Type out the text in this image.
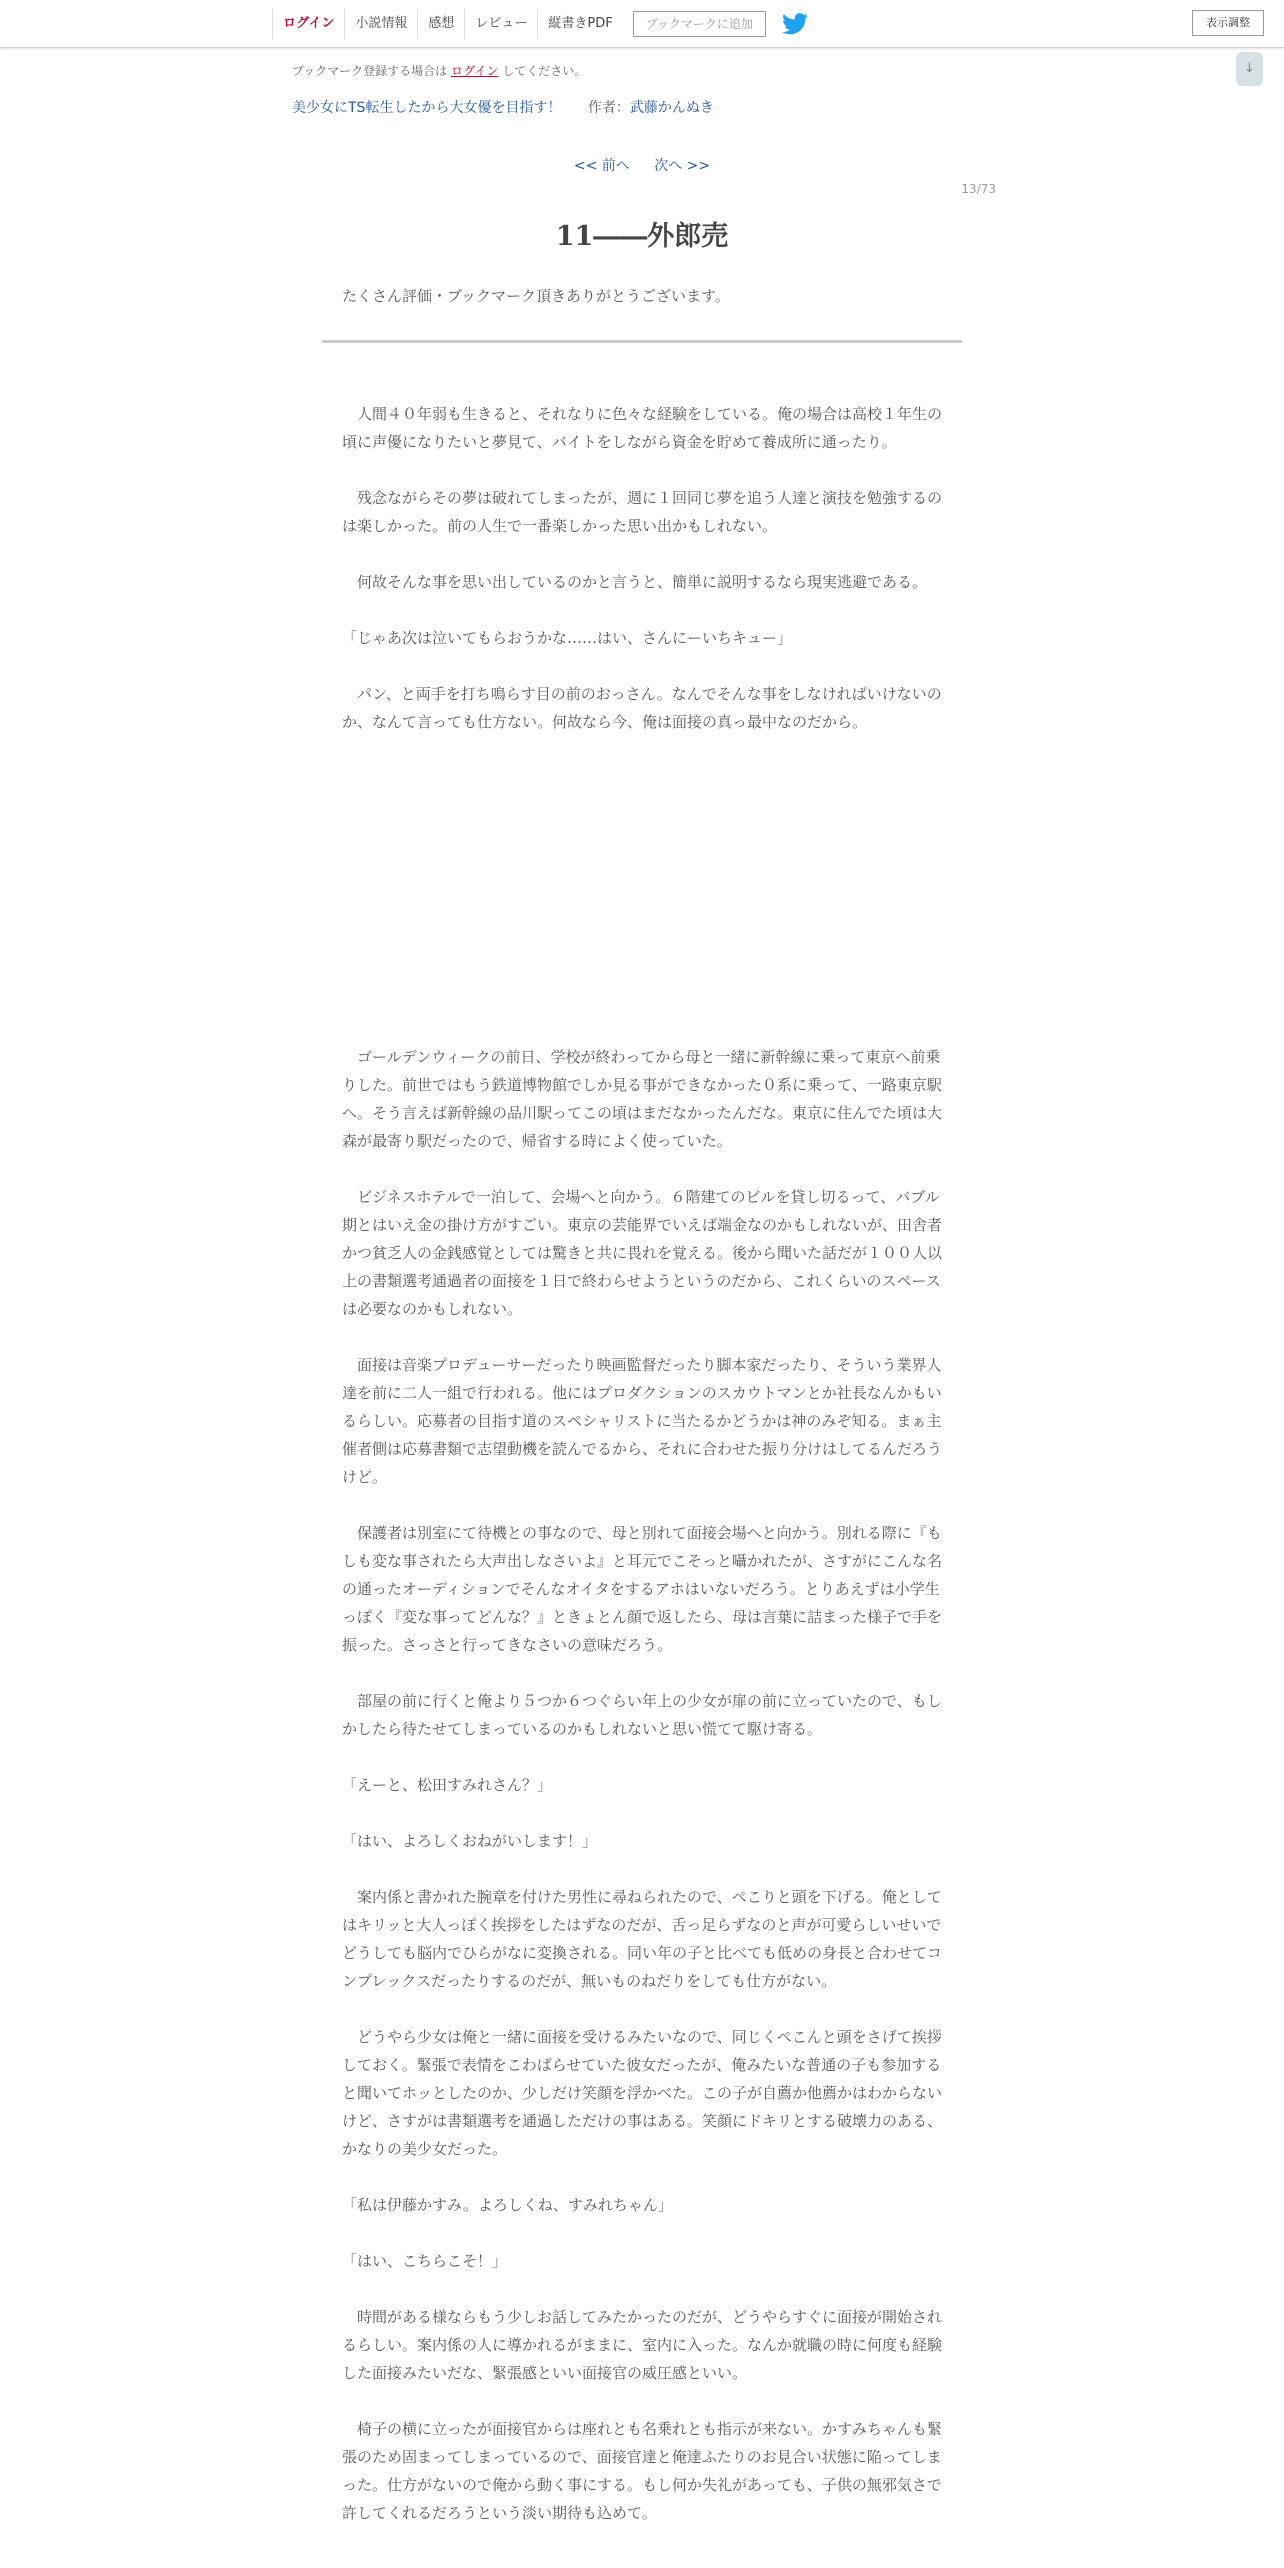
ログイン	小説情報	感想	レビュー	縦書きPDF	ブックマークに追加	表示調整
ブックマーク登録する場合は ログイン してください。	↓
美少女にTS転生したから大女優を目指す！ 作者：武藤かんぬき
<< 前へ 次へ >>
13/73
11――外郎売
たくさん評価・ブックマーク頂きありがとうございます。

　人間４０年弱も生きると、それなりに色々な経験をしている。俺の場合は高校１年生の頃に声優になりたいと夢見て、バイトをしながら資金を貯めて養成所に通ったり。

　残念ながらその夢は破れてしまったが、週に１回同じ夢を追う人達と演技を勉強するのは楽しかった。前の人生で一番楽しかった思い出かもしれない。

　何故そんな事を思い出しているのかと言うと、簡単に説明するなら現実逃避である。

「じゃあ次は泣いてもらおうかな……はい、さんにーいちキュー」

　パン、と両手を打ち鳴らす目の前のおっさん。なんでそんな事をしなければいけないのか、なんて言っても仕方ない。何故なら今、俺は面接の真っ最中なのだから。

　ゴールデンウィークの前日、学校が終わってから母と一緒に新幹線に乗って東京へ前乗りした。前世ではもう鉄道博物館でしか見る事ができなかった０系に乗って、一路東京駅へ。そう言えば新幹線の品川駅ってこの頃はまだなかったんだな。東京に住んでた頃は大森が最寄り駅だったので、帰省する時によく使っていた。

　ビジネスホテルで一泊して、会場へと向かう。６階建てのビルを貸し切るって、バブル期とはいえ金の掛け方がすごい。東京の芸能界でいえば端金なのかもしれないが、田舎者かつ貧乏人の金銭感覚としては驚きと共に畏れを覚える。後から聞いた話だが１００人以上の書類選考通過者の面接を１日で終わらせようというのだから、これくらいのスペースは必要なのかもしれない。

　面接は音楽プロデューサーだったり映画監督だったり脚本家だったり、そういう業界人達を前に二人一組で行われる。他にはプロダクションのスカウトマンとか社長なんかもいるらしい。応募者の目指す道のスペシャリストに当たるかどうかは神のみぞ知る。まぁ主催者側は応募書類で志望動機を読んでるから、それに合わせた振り分けはしてるんだろうけど。

　保護者は別室にて待機との事なので、母と別れて面接会場へと向かう。別れる際に『もしも変な事されたら大声出しなさいよ』と耳元でこそっと囁かれたが、さすがにこんな名の通ったオーディションでそんなオイタをするアホはいないだろう。とりあえずは小学生っぽく『変な事ってどんな？』ときょとん顔で返したら、母は言葉に詰まった様子で手を振った。さっさと行ってきなさいの意味だろう。

　部屋の前に行くと俺より５つか６つぐらい年上の少女が扉の前に立っていたので、もしかしたら待たせてしまっているのかもしれないと思い慌てて駆け寄る。

「えーと、松田すみれさん？」

「はい、よろしくおねがいします！」

　案内係と書かれた腕章を付けた男性に尋ねられたので、ぺこりと頭を下げる。俺としてはキリッと大人っぽく挨拶をしたはずなのだが、舌っ足らずなのと声が可愛らしいせいでどうしても脳内でひらがなに変換される。同い年の子と比べても低めの身長と合わせてコンプレックスだったりするのだが、無いものねだりをしても仕方がない。

　どうやら少女は俺と一緒に面接を受けるみたいなので、同じくぺこんと頭をさげて挨拶しておく。緊張で表情をこわばらせていた彼女だったが、俺みたいな普通の子も参加すると聞いてホッとしたのか、少しだけ笑顔を浮かべた。この子が自薦か他薦かはわからないけど、さすがは書類選考を通過しただけの事はある。笑顔にドキリとする破壊力のある、かなりの美少女だった。

「私は伊藤かすみ。よろしくね、すみれちゃん」

「はい、こちらこそ！」

　時間がある様ならもう少しお話してみたかったのだが、どうやらすぐに面接が開始されるらしい。案内係の人に導かれるがままに、室内に入った。なんか就職の時に何度も経験した面接みたいだな、緊張感といい面接官の威圧感といい。

　椅子の横に立ったが面接官からは座れとも名乗れとも指示が来ない。かすみちゃんも緊張のため固まってしまっているので、面接官達と俺達ふたりのお見合い状態に陥ってしまった。仕方がないので俺から動く事にする。もし何か失礼があっても、子供の無邪気さで許してくれるだろうという淡い期待も込めて。
